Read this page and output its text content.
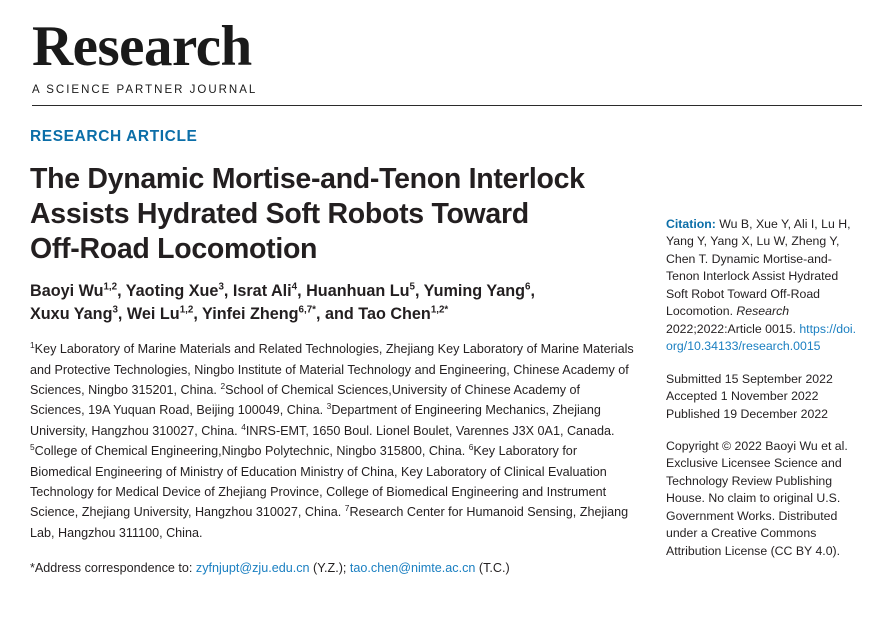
Research
A SCIENCE PARTNER JOURNAL
RESEARCH ARTICLE
The Dynamic Mortise-and-Tenon Interlock
Assists Hydrated Soft Robots Toward
Off-Road Locomotion
Baoyi Wu$^{1,2}$, Yaoting Xue$^3$, Israt Ali$^4$, Huanhuan Lu$^5$, Yuming Yang$^6$,
Xuxu Yang$^3$, Wei Lu$^{1,2}$, Yinfei Zheng$^{6,7*}$, and Tao Chen$^{1,2*}$
$^1$Key Laboratory of Marine Materials and Related Technologies, Zhejiang Key Laboratory of Marine Materials and Protective Technologies, Ningbo Institute of Material Technology and Engineering, Chinese Academy of Sciences, Ningbo 315201, China. $^2$School of Chemical Sciences,University of Chinese Academy of Sciences, 19A Yuquan Road, Beijing 100049, China. $^3$Department of Engineering Mechanics, Zhejiang University, Hangzhou 310027, China. $^4$INRS-EMT, 1650 Boul. Lionel Boulet, Varennes J3X 0A1, Canada. $^5$College of Chemical Engineering,Ningbo Polytechnic, Ningbo 315800, China. $^6$Key Laboratory for Biomedical Engineering of Ministry of Education Ministry of China, Key Laboratory of Clinical Evaluation Technology for Medical Device of Zhejiang Province, College of Biomedical Engineering and Instrument Science, Zhejiang University, Hangzhou 310027, China. $^7$Research Center for Humanoid Sensing, Zhejiang Lab, Hangzhou 311100, China.
*Address correspondence to: zyfnjupt@zju.edu.cn (Y.Z.); tao.chen@nimte.ac.cn (T.C.)
Citation: Wu B, Xue Y, Ali I, Lu H, Yang Y, Yang X, Lu W, Zheng Y, Chen T. Dynamic Mortise-and-Tenon Interlock Assist Hydrated Soft Robot Toward Off-Road Locomotion. Research 2022;2022:Article 0015. https://doi.org/10.34133/research.0015
Submitted 15 September 2022
Accepted 1 November 2022
Published 19 December 2022
Copyright © 2022 Baoyi Wu et al. Exclusive Licensee Science and Technology Review Publishing House. No claim to original U.S. Government Works. Distributed under a Creative Commons Attribution License (CC BY 4.0).
